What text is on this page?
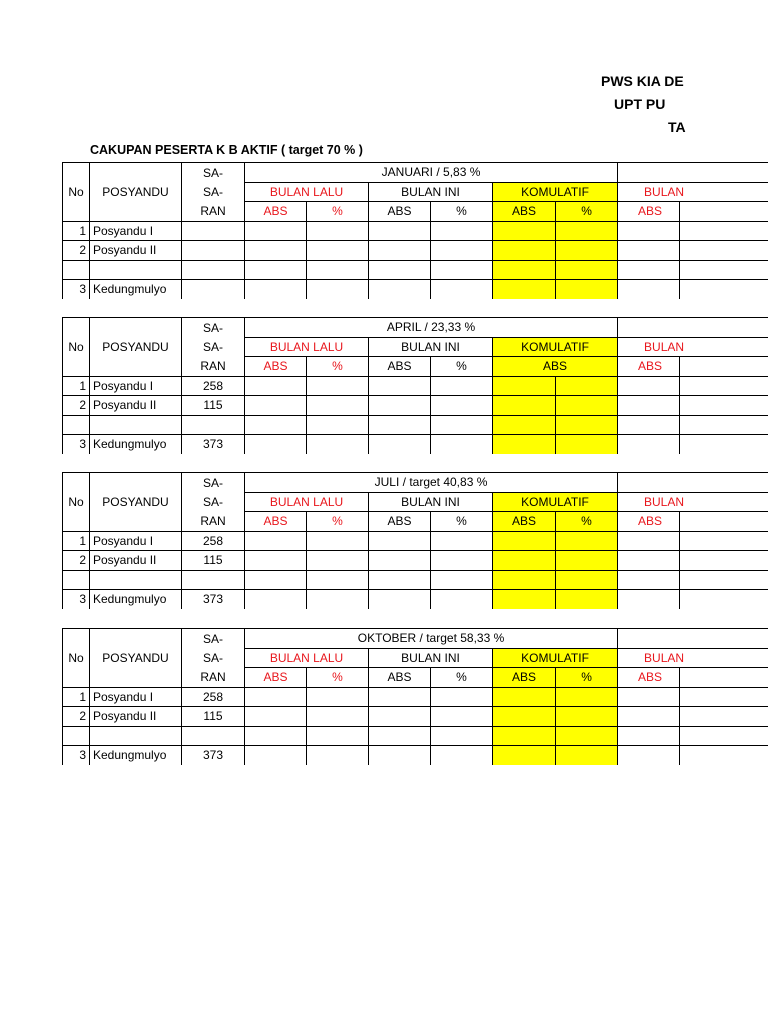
PWS KIA DE
UPT PU
TA
CAKUPAN PESERTA K B AKTIF ( target 70 % )
		SA-	JANUARI / 5,83 %							
No	POSYANDU	SA-	BULAN LALU		BULAN INI		KOMULATIF		BULAN	
		RAN	ABS	%	ABS	%	ABS	%	ABS	
1	Posyandu I									
2	Posyandu II									

3	Kedungmulyo									
		SA-	APRIL / 23,33 %							
No	POSYANDU	SA-	BULAN LALU		BULAN INI		KOMULATIF		BULAN	
		RAN	ABS	%	ABS	%	ABS		ABS	
1	Posyandu I	258								
2	Posyandu II	115								

3	Kedungmulyo	373								
		SA-	JULI / target 40,83 %							
No	POSYANDU	SA-	BULAN LALU		BULAN INI		KOMULATIF		BULAN	
		RAN	ABS	%	ABS	%	ABS	%	ABS	
1	Posyandu I	258								
2	Posyandu II	115								

3	Kedungmulyo	373								
		SA-	OKTOBER / target 58,33 %							
No	POSYANDU	SA-	BULAN LALU		BULAN INI		KOMULATIF		BULAN	
		RAN	ABS	%	ABS	%	ABS	%	ABS	
1	Posyandu I	258								
2	Posyandu II	115								

3	Kedungmulyo	373								
